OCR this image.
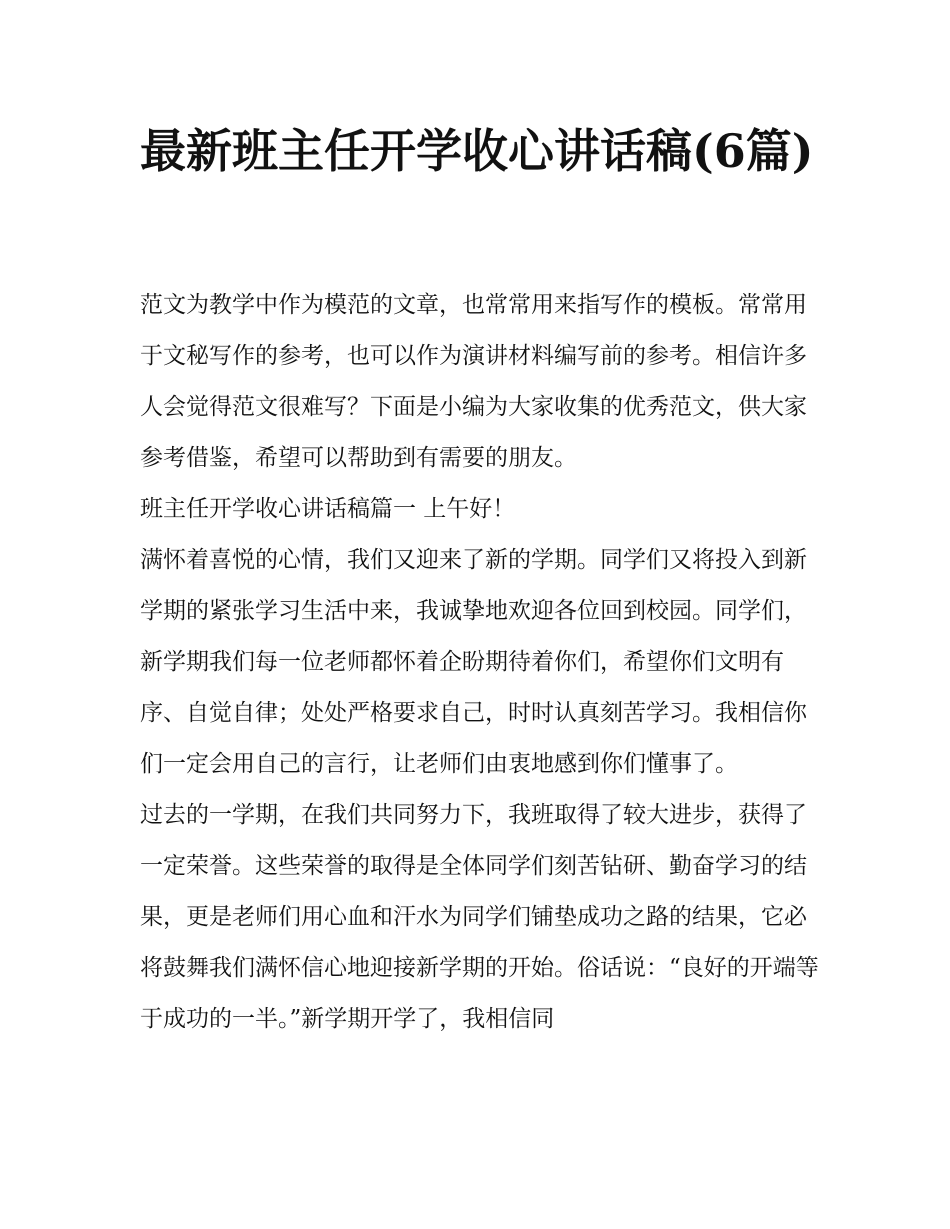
最新班主任开学收心讲话稿(6篇)

范文为教学中作为模范的文章，也常常用来指写作的模板。常常用于文秘写作的参考，也可以作为演讲材料编写前的参考。相信许多人会觉得范文很难写？下面是小编为大家收集的优秀范文，供大家参考借鉴，希望可以帮助到有需要的朋友。

班主任开学收心讲话稿篇一 上午好！

满怀着喜悦的心情，我们又迎来了新的学期。同学们又将投入到新学期的紧张学习生活中来，我诚挚地欢迎各位回到校园。同学们，新学期我们每一位老师都怀着企盼期待着你们，希望你们文明有序、自觉自律；处处严格要求自己，时时认真刻苦学习。我相信你们一定会用自己的言行，让老师们由衷地感到你们懂事了。

过去的一学期，在我们共同努力下，我班取得了较大进步，获得了一定荣誉。这些荣誉的取得是全体同学们刻苦钻研、勤奋学习的结果，更是老师们用心血和汗水为同学们铺垫成功之路的结果，它必将鼓舞我们满怀信心地迎接新学期的开始。俗话说：“良好的开端等于成功的一半。”新学期开学了，我相信同
